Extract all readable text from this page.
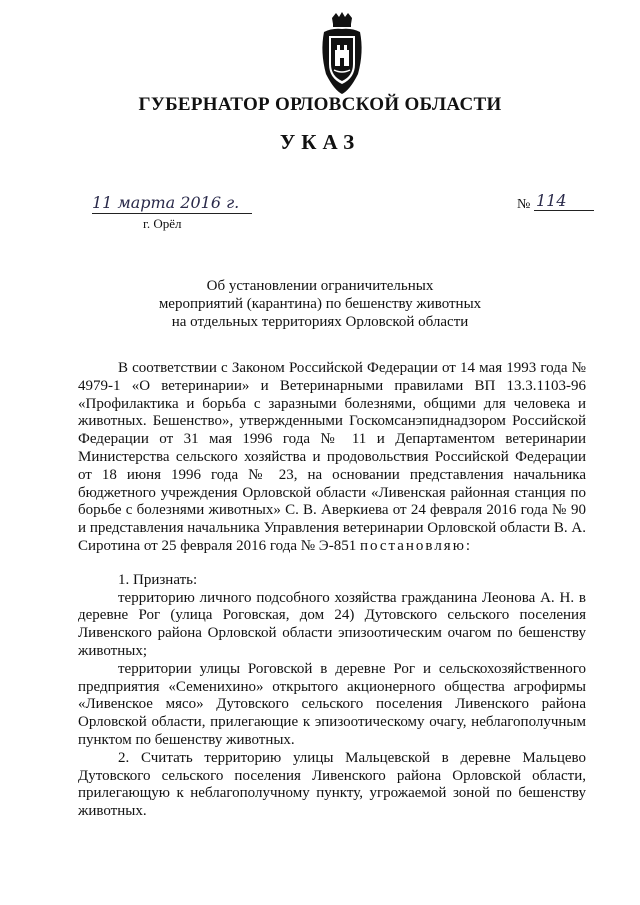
ГУБЕРНАТОР ОРЛОВСКОЙ ОБЛАСТИ
УКАЗ
11 марта 2016 г.
г. Орёл
№ 114
Об установлении ограничительных
мероприятий (карантина) по бешенству животных
на отдельных территориях Орловской области

В соответствии с Законом Российской Федерации от 14 мая 1993 года № 4979-1 «О ветеринарии» и Ветеринарными правилами ВП 13.3.1103-96 «Профилактика и борьба с заразными болезнями, общими для человека и животных. Бешенство», утвержденными Госкомсанэпиднадзором Российской Федерации от 31 мая 1996 года № 11 и Департаментом ветеринарии Министерства сельского хозяйства и продовольствия Российской Федерации от 18 июня 1996 года № 23, на основании представления начальника бюджетного учреждения Орловской области «Ливенская районная станция по борьбе с болезнями животных» С. В. Аверкиева от 24 февраля 2016 года № 90 и представления начальника Управления ветеринарии Орловской области В. А. Сиротина от 25 февраля 2016 года № Э-851 постановляю:

1. Признать:

территорию личного подсобного хозяйства гражданина Леонова А. Н. в деревне Рог (улица Роговская, дом 24) Дутовского сельского поселения Ливенского района Орловской области эпизоотическим очагом по бешенству животных;

территории улицы Роговской в деревне Рог и сельскохозяйственного предприятия «Семенихино» открытого акционерного общества агрофирмы «Ливенское мясо» Дутовского сельского поселения Ливенского района Орловской области, прилегающие к эпизоотическому очагу, неблагополучным пунктом по бешенству животных.

2. Считать территорию улицы Мальцевской в деревне Мальцево Дутовского сельского поселения Ливенского района Орловской области, прилегающую к неблагополучному пункту, угрожаемой зоной по бешенству животных.
